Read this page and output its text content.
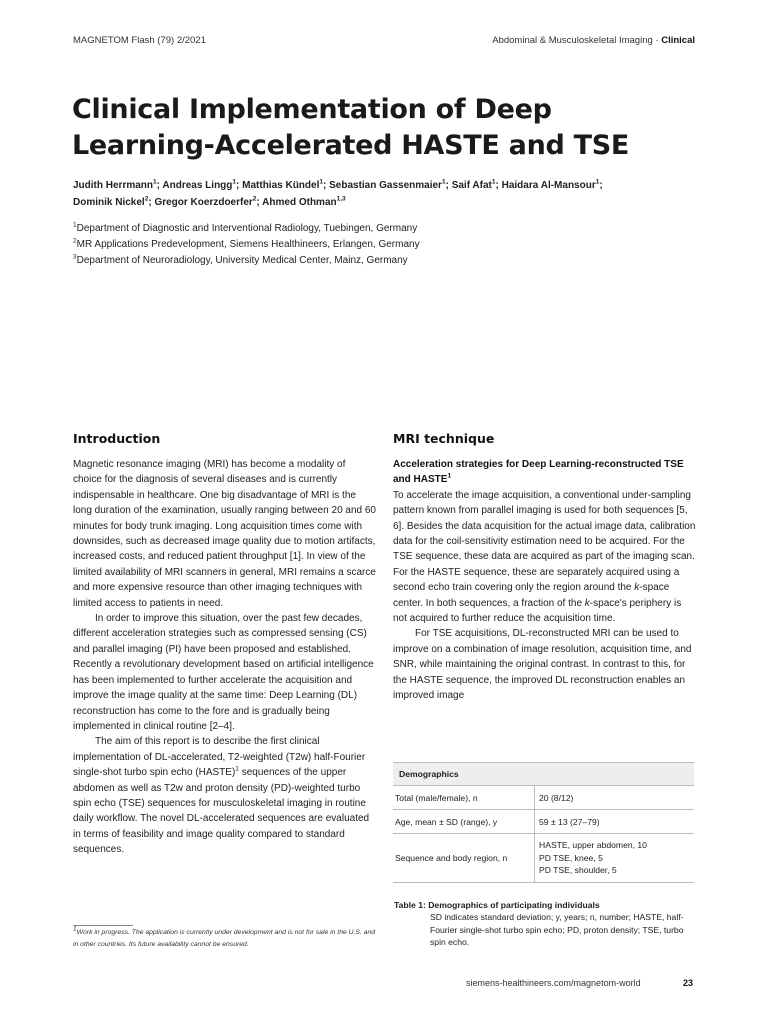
MAGNETOM Flash (79) 2/2021	Abdominal & Musculoskeletal Imaging · Clinical
Clinical Implementation of Deep Learning-Accelerated HASTE and TSE

Judith Herrmann$^1$; Andreas Lingg$^1$; Matthias Kündel$^1$; Sebastian Gassenmaier$^1$; Saif Afat$^1$; Haidara Al-Mansour$^1$;
Dominik Nickel$^2$; Gregor Koerzdoerfer$^2$; Ahmed Othman$^{1,3}$

$^1$Department of Diagnostic and Interventional Radiology, Tuebingen, Germany
$^2$MR Applications Predevelopment, Siemens Healthineers, Erlangen, Germany
$^3$Department of Neuroradiology, University Medical Center, Mainz, Germany
Introduction

Magnetic resonance imaging (MRI) has become a modality of choice for the diagnosis of several diseases and is currently indispensable in healthcare. One big disadvantage of MRI is the long duration of the examination, usually ranging between 20 and 60 minutes for body trunk imaging. Long acquisition times come with downsides, such as decreased image quality due to motion artifacts, increased costs, and reduced patient throughput [1]. In view of the limited availability of MRI scanners in general, MRI remains a scarce and more expensive resource than other imaging techniques with limited access to patients in need.

In order to improve this situation, over the past few decades, different acceleration strategies such as compressed sensing (CS) and parallel imaging (PI) have been proposed and established. Recently a revolutionary development based on artificial intelligence has been implemented to further accelerate the acquisition and improve the image quality at the same time: Deep Learning (DL) reconstruction has come to the fore and is gradually being implemented in clinical routine [2–4].

The aim of this report is to describe the first clinical implementation of DL-accelerated, T2-weighted (T2w) half-Fourier single-shot turbo spin echo (HASTE)$^1$ sequences of the upper abdomen as well as T2w and proton density (PD)-weighted turbo spin echo (TSE) sequences for musculoskeletal imaging in routine daily workflow. The novel DL-accelerated sequences are evaluated in terms of feasibility and image quality compared to standard sequences.

$^1$Work in progress. The application is currently under development and is not for sale in the U.S. and in other countries. Its future availability cannot be ensured.
MRI technique
Acceleration strategies for Deep Learning-reconstructed TSE and HASTE$^1$

To accelerate the image acquisition, a conventional under-sampling pattern known from parallel imaging is used for both sequences [5, 6]. Besides the data acquisition for the actual image data, calibration data for the coil-sensitivity estimation need to be acquired. For the TSE sequence, these data are acquired as part of the imaging scan. For the HASTE sequence, these are separately acquired using a second echo train covering only the region around the k-space center. In both sequences, a fraction of the k-space's periphery is not acquired to further reduce the acquisition time.

For TSE acquisitions, DL-reconstructed MRI can be used to improve on a combination of image resolution, acquisition time, and SNR, while maintaining the original contrast. In contrast to this, for the HASTE sequence, the improved DL reconstruction enables an improved image

Demographics	
Total (male/female), n	20 (8/12)
Age, mean ± SD (range), y	59 ± 13 (27–79)
Sequence and body region, n	HASTE, upper abdomen, 10
PD TSE, knee, 5
PD TSE, shoulder, 5
Table 1: Demographics of participating individuals
SD indicates standard deviation; y, years; n, number; HASTE, half-Fourier single-shot turbo spin echo; PD, proton density; TSE, turbo spin echo.
siemens-healthineers.com/magnetom-world	23
